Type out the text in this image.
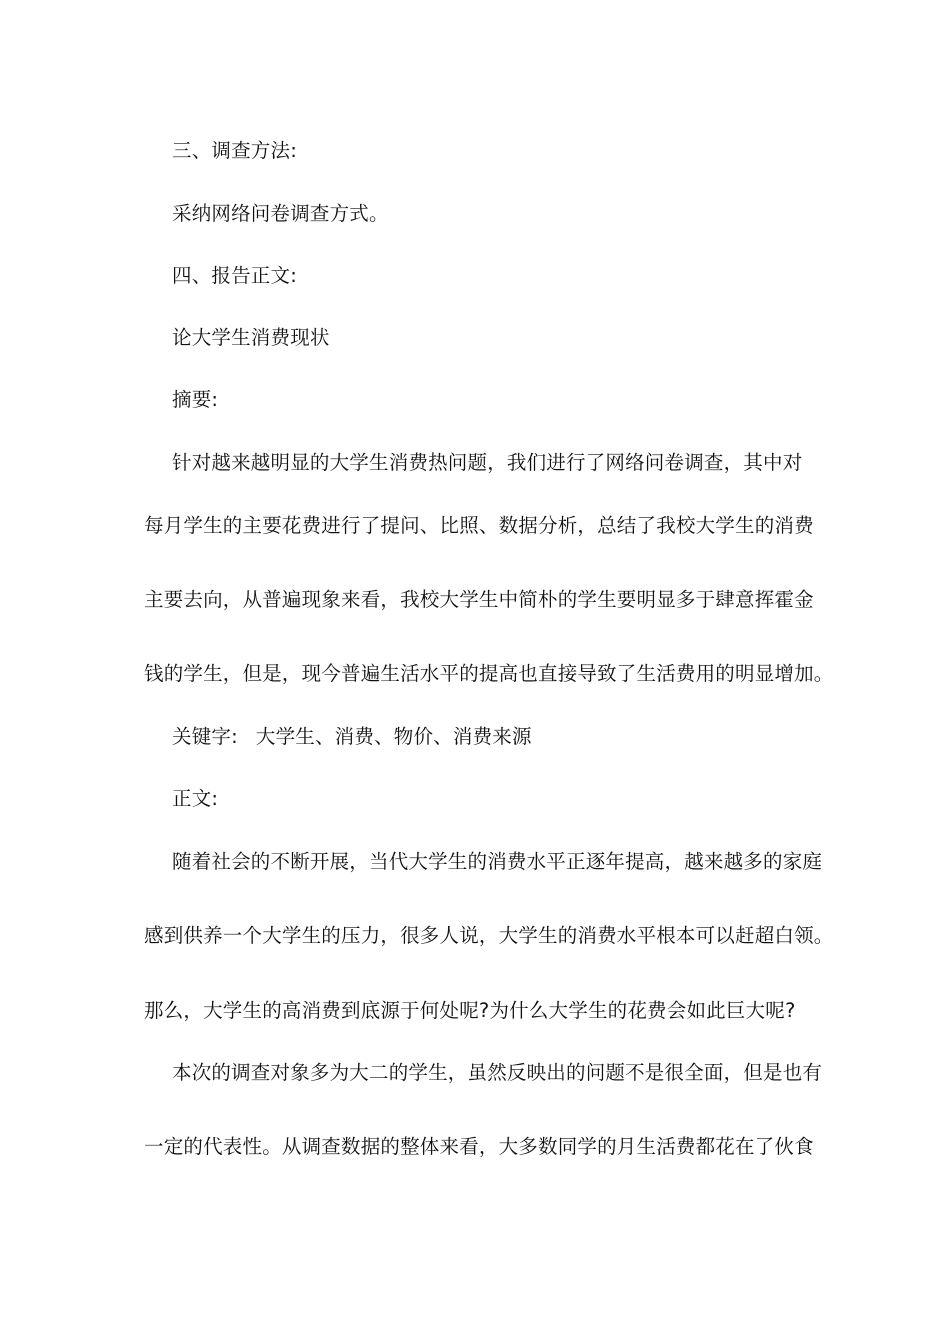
三、调查方法:
采纳网络问卷调查方式。
四、报告正文:
论大学生消费现状
摘要:
针对越来越明显的大学生消费热问题，我们进行了网络问卷调查，其中对
每月学生的主要花费进行了提问、比照、数据分析，总结了我校大学生的消费
主要去向，从普遍现象来看，我校大学生中简朴的学生要明显多于肆意挥霍金
钱的学生，但是，现今普遍生活水平的提高也直接导致了生活费用的明显增加。
关键字: 大学生、消费、物价、消费来源
正文:
随着社会的不断开展，当代大学生的消费水平正逐年提高，越来越多的家庭
感到供养一个大学生的压力，很多人说，大学生的消费水平根本可以赶超白领。
那么，大学生的高消费到底源于何处呢?为什么大学生的花费会如此巨大呢?
本次的调查对象多为大二的学生，虽然反映出的问题不是很全面，但是也有
一定的代表性。从调查数据的整体来看，大多数同学的月生活费都花在了伙食
